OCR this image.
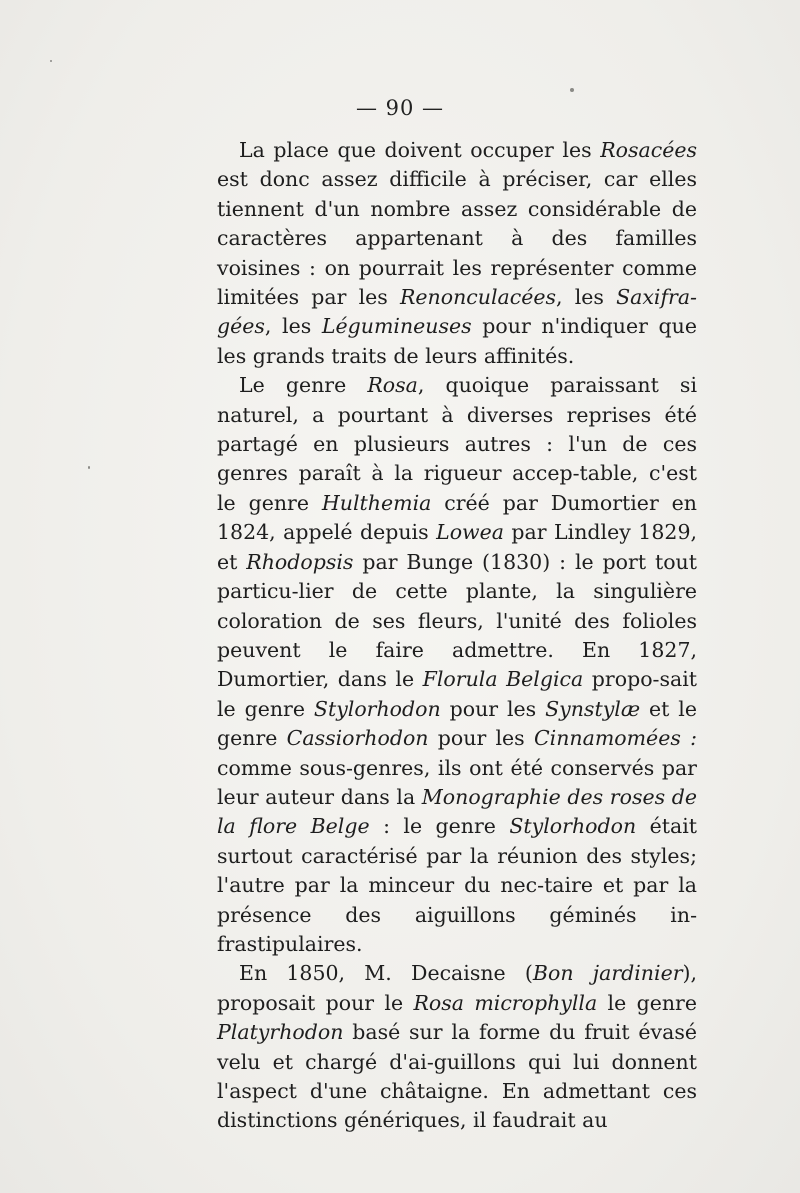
— 90 —

La place que doivent occuper les Rosacées est donc assez difficile à préciser, car elles tiennent d'un nombre assez considérable de caractères appartenant à des familles voisines : on pourrait les représenter comme limitées par les Renonculacées, les Saxifra-gées, les Légumineuses pour n'indiquer que les grands traits de leurs affinités.

Le genre Rosa, quoique paraissant si naturel, a pourtant à diverses reprises été partagé en plusieurs autres : l'un de ces genres paraît à la rigueur accep-table, c'est le genre Hulthemia créé par Dumortier en 1824, appelé depuis Lowea par Lindley 1829, et Rhodopsis par Bunge (1830) : le port tout particu-lier de cette plante, la singulière coloration de ses fleurs, l'unité des folioles peuvent le faire admettre. En 1827, Dumortier, dans le Florula Belgica propo-sait le genre Stylorhodon pour les Synstylæ et le genre Cassiorhodon pour les Cinnamomées : comme sous-genres, ils ont été conservés par leur auteur dans la Monographie des roses de la flore Belge : le genre Stylorhodon était surtout caractérisé par la réunion des styles; l'autre par la minceur du nec-taire et par la présence des aiguillons géminés in-frastipulaires.

En 1850, M. Decaisne (Bon jardinier), proposait pour le Rosa microphylla le genre Platyrhodon basé sur la forme du fruit évasé velu et chargé d'ai-guillons qui lui donnent l'aspect d'une châtaigne. En admettant ces distinctions génériques, il faudrait au
